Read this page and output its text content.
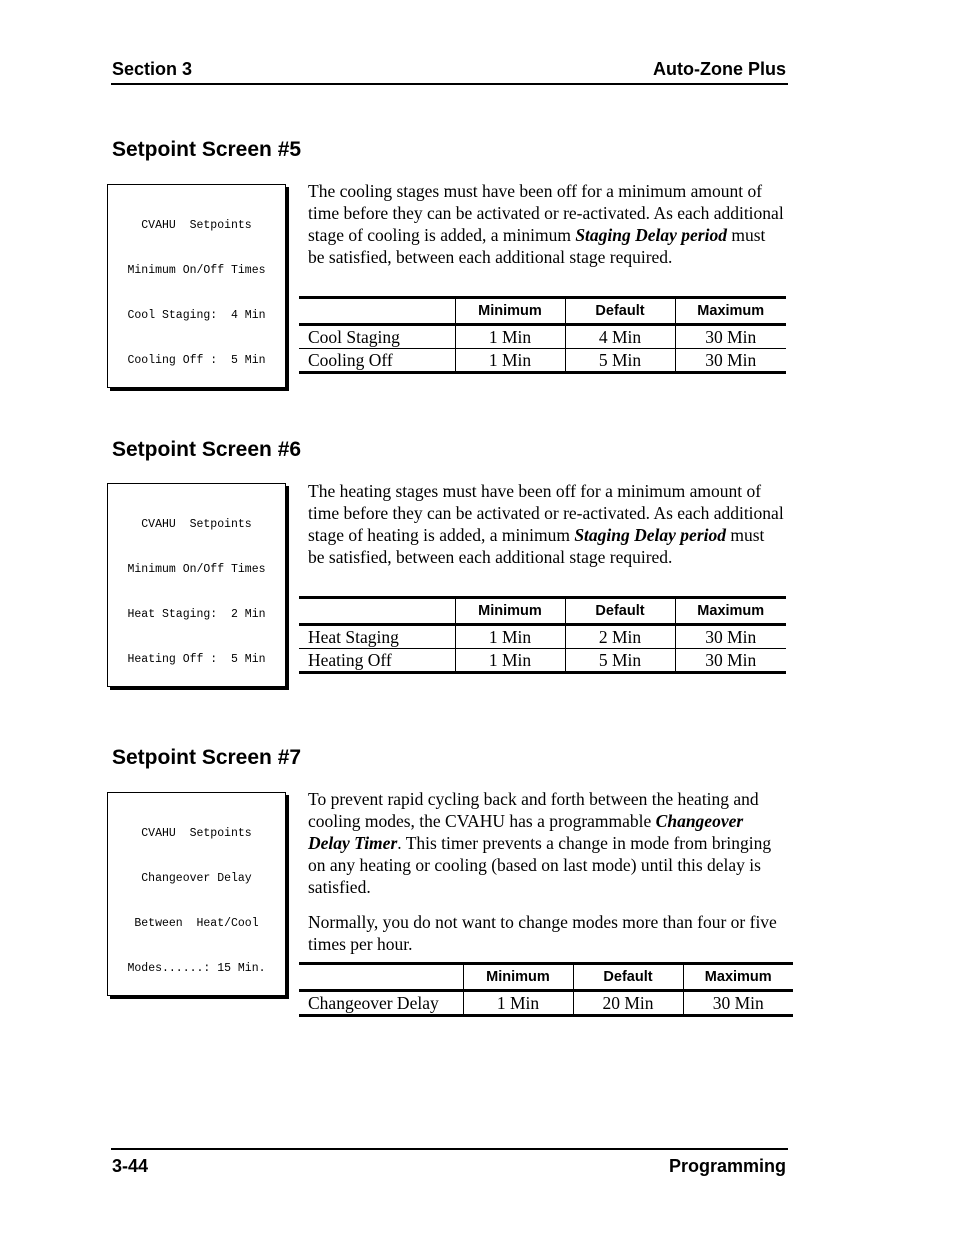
Section 3	Auto-Zone Plus
Setpoint Screen #5

CVAHU  Setpoints

Minimum On/Off Times

Cool Staging:  4 Min

Cooling Off :  5 Min

The cooling stages must have been off for a minimum amount of time before they can be activated or re-activated. As each additional stage of cooling is added, a minimum Staging Delay period must be satisfied, between each additional stage required.
	Minimum	Default	Maximum
Cool Staging	1 Min	4 Min	30 Min
Cooling Off	1 Min	5 Min	30 Min
Setpoint Screen #6

CVAHU  Setpoints

Minimum On/Off Times

Heat Staging:  2 Min

Heating Off :  5 Min

The heating stages must have been off for a minimum amount of time before they can be activated or re-activated. As each additional stage of heating is added, a minimum Staging Delay period must be satisfied, between each additional stage required.
	Minimum	Default	Maximum
Heat Staging	1 Min	2 Min	30 Min
Heating Off	1 Min	5 Min	30 Min
Setpoint Screen #7

CVAHU  Setpoints

Changeover Delay

Between  Heat/Cool

Modes......: 15 Min.

To prevent rapid cycling back and forth between the heating and cooling modes, the CVAHU has a programmable Changeover Delay Timer. This timer prevents a change in mode from bringing on any heating or cooling (based on last mode) until this delay is satisfied.
Normally, you do not want to change modes more than four or five times per hour.
	Minimum	Default	Maximum
Changeover Delay	1 Min	20 Min	30 Min
3-44	Programming
